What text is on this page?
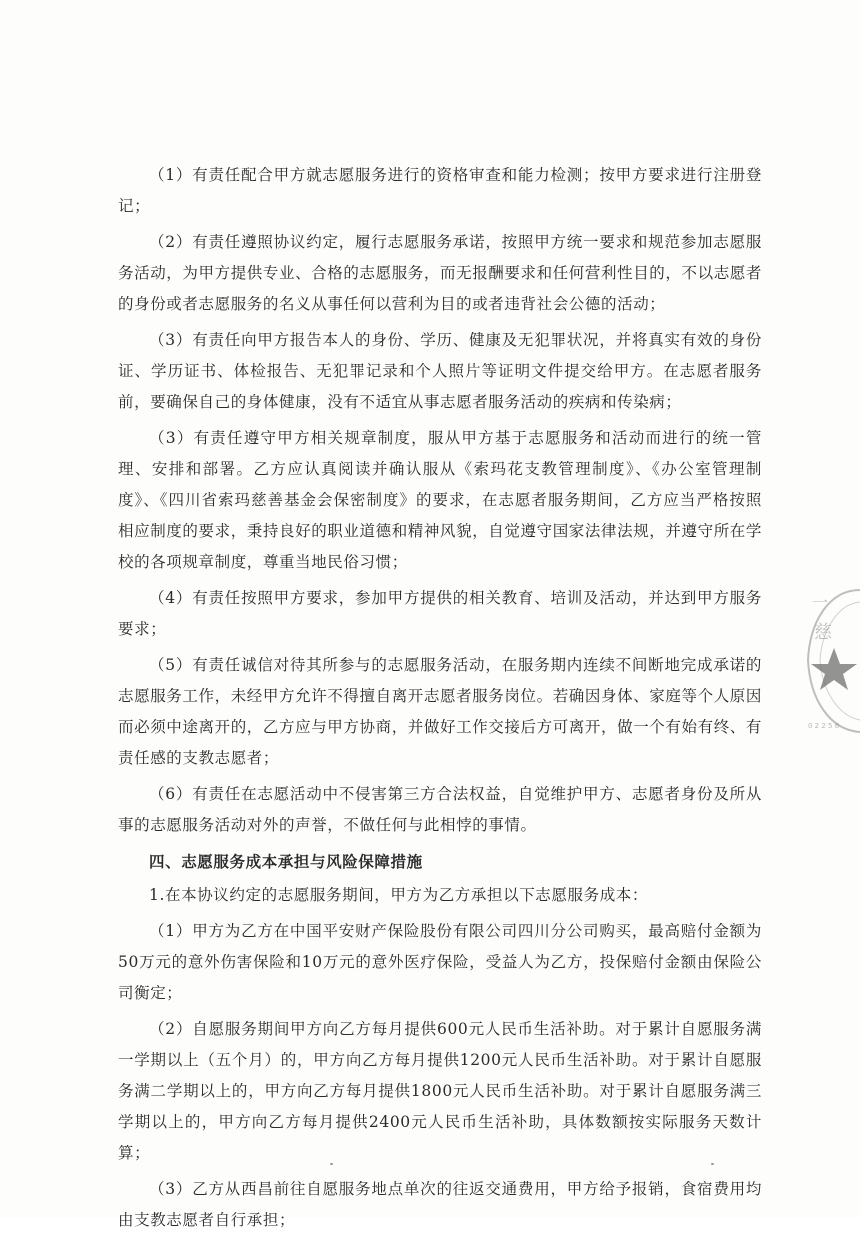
（1）有责任配合甲方就志愿服务进行的资格审查和能力检测；按甲方要求进行注册登记；

（2）有责任遵照协议约定，履行志愿服务承诺，按照甲方统一要求和规范参加志愿服务活动，为甲方提供专业、合格的志愿服务，而无报酬要求和任何营利性目的，不以志愿者的身份或者志愿服务的名义从事任何以营利为目的或者违背社会公德的活动；

（3）有责任向甲方报告本人的身份、学历、健康及无犯罪状况，并将真实有效的身份证、学历证书、体检报告、无犯罪记录和个人照片等证明文件提交给甲方。在志愿者服务前，要确保自己的身体健康，没有不适宜从事志愿者服务活动的疾病和传染病；

（3）有责任遵守甲方相关规章制度，服从甲方基于志愿服务和活动而进行的统一管理、安排和部署。乙方应认真阅读并确认服从《索玛花支教管理制度》、《办公室管理制度》、《四川省索玛慈善基金会保密制度》的要求，在志愿者服务期间，乙方应当严格按照相应制度的要求，秉持良好的职业道德和精神风貌，自觉遵守国家法律法规，并遵守所在学校的各项规章制度，尊重当地民俗习惯；

（4）有责任按照甲方要求，参加甲方提供的相关教育、培训及活动，并达到甲方服务要求；

（5）有责任诚信对待其所参与的志愿服务活动，在服务期内连续不间断地完成承诺的志愿服务工作，未经甲方允许不得擅自离开志愿者服务岗位。若确因身体、家庭等个人原因而必须中途离开的，乙方应与甲方协商，并做好工作交接后方可离开，做一个有始有终、有责任感的支教志愿者；

（6）有责任在志愿活动中不侵害第三方合法权益，自觉维护甲方、志愿者身份及所从事的志愿服务活动对外的声誉，不做任何与此相悖的事情。

四、志愿服务成本承担与风险保障措施

1.在本协议约定的志愿服务期间，甲方为乙方承担以下志愿服务成本：

（1）甲方为乙方在中国平安财产保险股份有限公司四川分公司购买，最高赔付金额为50万元的意外伤害保险和10万元的意外医疗保险，受益人为乙方，投保赔付金额由保险公司衡定；

（2）自愿服务期间甲方向乙方每月提供600元人民币生活补助。对于累计自愿服务满一学期以上（五个月）的，甲方向乙方每月提供1200元人民币生活补助。对于累计自愿服务满二学期以上的，甲方向乙方每月提供1800元人民币生活补助。对于累计自愿服务满三学期以上的，甲方向乙方每月提供2400元人民币生活补助，具体数额按实际服务天数计算；

（3）乙方从西昌前往自愿服务地点单次的往返交通费用，甲方给予报销，食宿费用均由支教志愿者自行承担；

一
慈
0 2 2 5 6
